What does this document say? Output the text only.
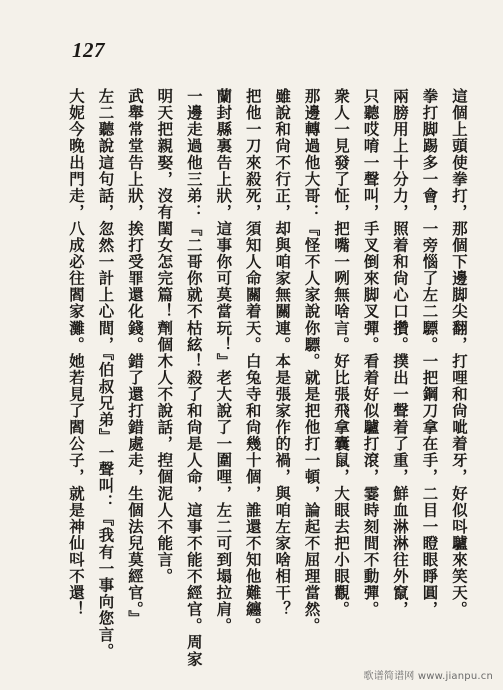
127
這個上頭使拳打，那個下邊脚尖翻，打哩和尙呲着牙，好似呌驢來笑天。
拳打脚踢多一會，一旁惱了左二驃。一把鋼刀拿在手，二目一瞪眼睜圓，
兩膀用上十分力，照着和尙心口攢。撲出一聲着了重，鮮血淋淋往外竄，
只聽哎唷一聲叫，手叉倒來脚叉彈。看着好似驢打滾，霎時刻間不動彈。
衆人一見發了怔，把嘴一咧無啥言。好比張飛拿囊鼠，大眼去把小眼觀。
那邊轉過他大哥：『怪不人家說你驃。就是把他打一頓，論起不屈理當然。
雖說和尙不行正，却與咱家無關連。本是張家作的禍，與咱左家啥相干？
把他一刀來殺死，須知人命關着天。白兔寺和尙幾十個，誰還不知他難纏。
蘭封縣裏告上狀，這事你可莫當玩！』老大說了一圍哩，左二可到塌拉肩。
一邊走過他三弟：『二哥你就不枯絃！殺了和尙是人命，這事不能不經官。周家
明天把親娶，沒有閨女怎完篇！劑個木人不說話，揑個泥人不能言。
武舉常堂告上狀，挨打受罪還化錢。錯了還打錯處走，生個法兒莫經官。』
左二聽說這句話，忽然一計上心間，『伯叔兄弟』一聲叫：『我有一事向您言。
大妮今晚出門走，八成必往閻家灘。她若見了閻公子，就是神仙呌不還！
歌谱简谱网 www.jianpu.cn
